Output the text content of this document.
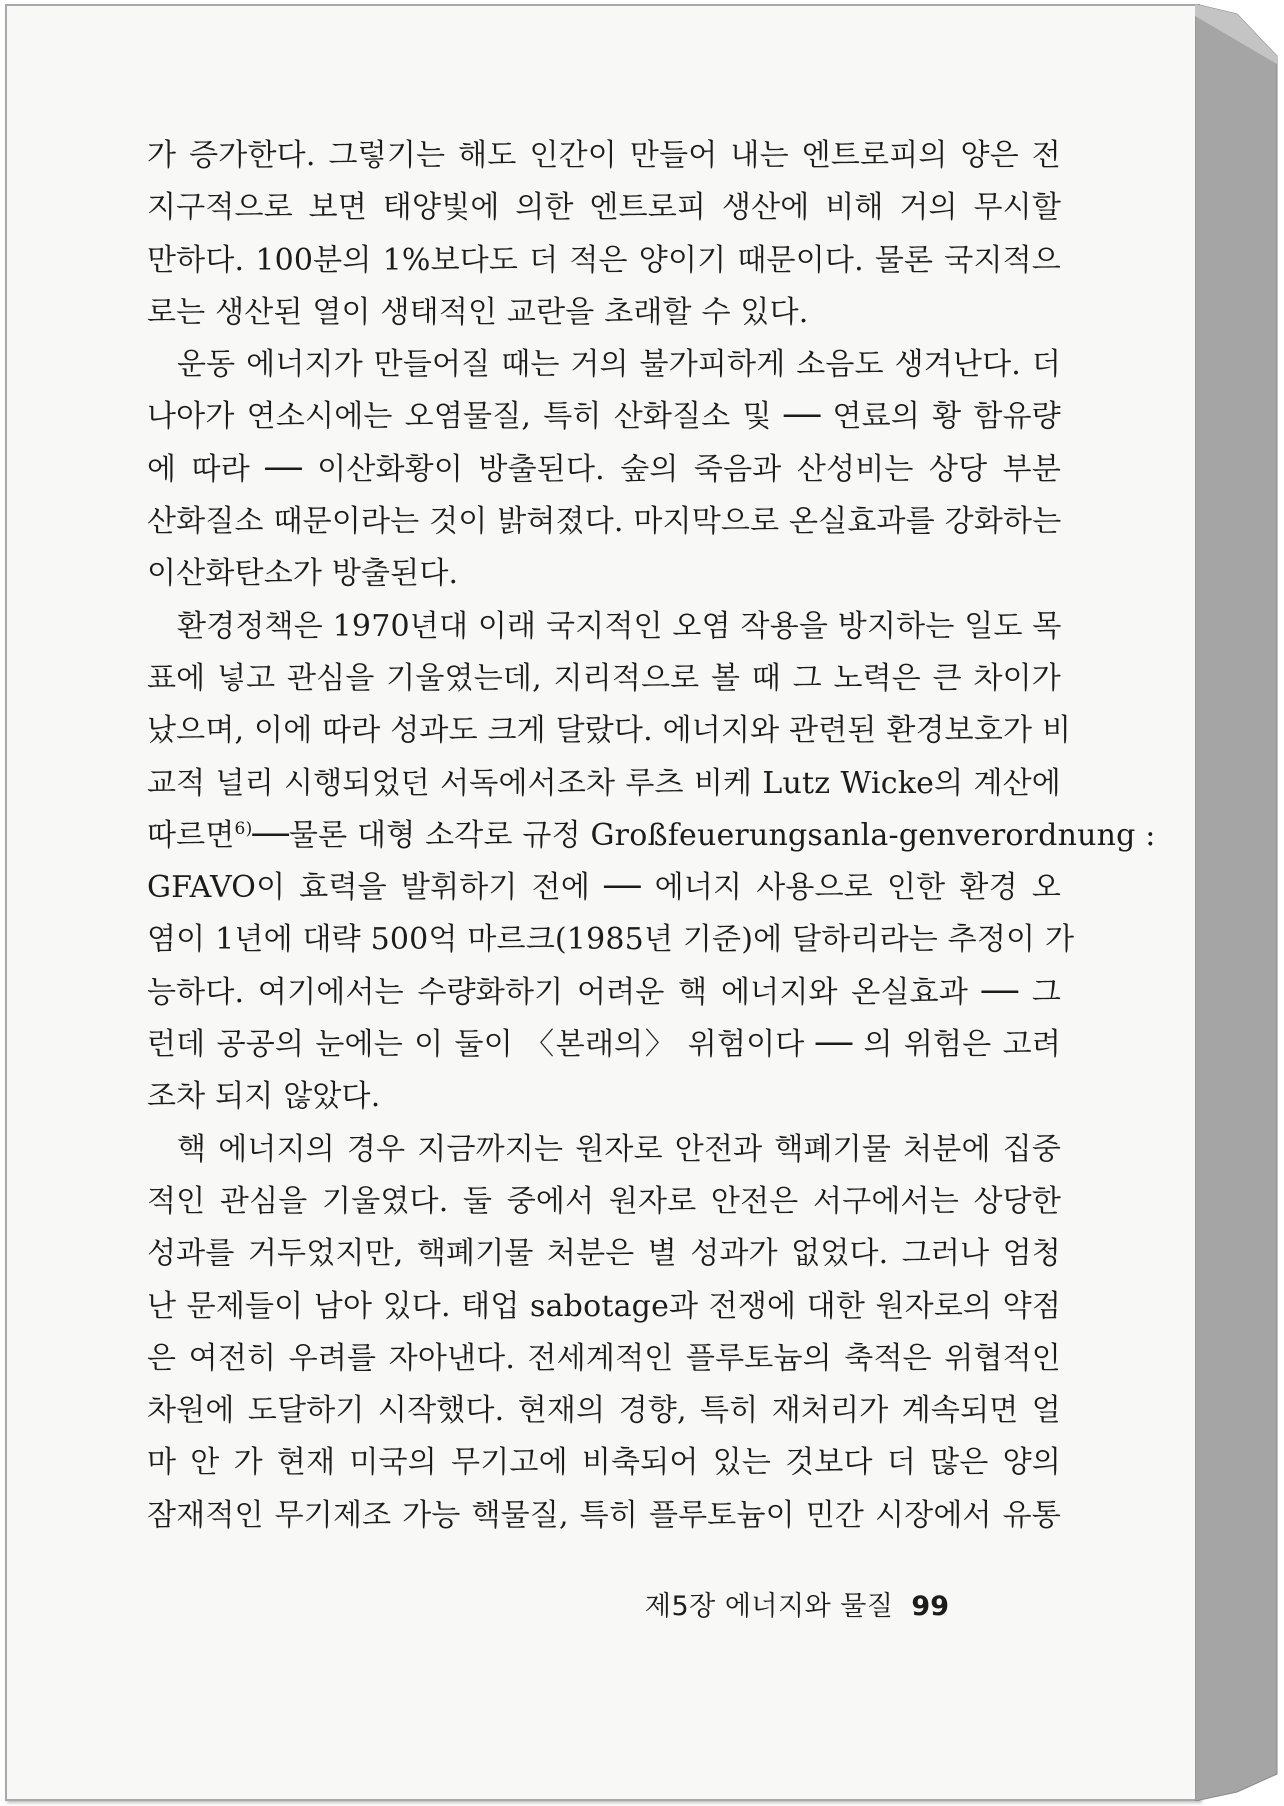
가 증가한다. 그렇기는 해도 인간이 만들어 내는 엔트로피의 양은 전
지구적으로 보면 태양빛에 의한 엔트로피 생산에 비해 거의 무시할
만하다. 100분의 1%보다도 더 적은 양이기 때문이다. 물론 국지적으
로는 생산된 열이 생태적인 교란을 초래할 수 있다.
운동 에너지가 만들어질 때는 거의 불가피하게 소음도 생겨난다. 더
나아가 연소시에는 오염물질, 특히 산화질소 및 ── 연료의 황 함유량
에 따라 ── 이산화황이 방출된다. 숲의 죽음과 산성비는 상당 부분
산화질소 때문이라는 것이 밝혀졌다. 마지막으로 온실효과를 강화하는
이산화탄소가 방출된다.
환경정책은 1970년대 이래 국지적인 오염 작용을 방지하는 일도 목
표에 넣고 관심을 기울였는데, 지리적으로 볼 때 그 노력은 큰 차이가
났으며, 이에 따라 성과도 크게 달랐다. 에너지와 관련된 환경보호가 비
교적 널리 시행되었던 서독에서조차 루츠 비케 Lutz Wicke의 계산에
따르면$^{6)}$──물론 대형 소각로 규정 Großfeuerungsanla-genverordnung :
GFAVO이 효력을 발휘하기 전에 ── 에너지 사용으로 인한 환경 오
염이 1년에 대략 500억 마르크(1985년 기준)에 달하리라는 추정이 가
능하다. 여기에서는 수량화하기 어려운 핵 에너지와 온실효과 ── 그
런데 공공의 눈에는 이 둘이 〈본래의〉 위험이다 ── 의 위험은 고려
조차 되지 않았다.
핵 에너지의 경우 지금까지는 원자로 안전과 핵폐기물 처분에 집중
적인 관심을 기울였다. 둘 중에서 원자로 안전은 서구에서는 상당한
성과를 거두었지만, 핵폐기물 처분은 별 성과가 없었다. 그러나 엄청
난 문제들이 남아 있다. 태업 sabotage과 전쟁에 대한 원자로의 약점
은 여전히 우려를 자아낸다. 전세계적인 플루토늄의 축적은 위협적인
차원에 도달하기 시작했다. 현재의 경향, 특히 재처리가 계속되면 얼
마 안 가 현재 미국의 무기고에 비축되어 있는 것보다 더 많은 양의
잠재적인 무기제조 가능 핵물질, 특히 플루토늄이 민간 시장에서 유통
제5장 에너지와 물질 99
